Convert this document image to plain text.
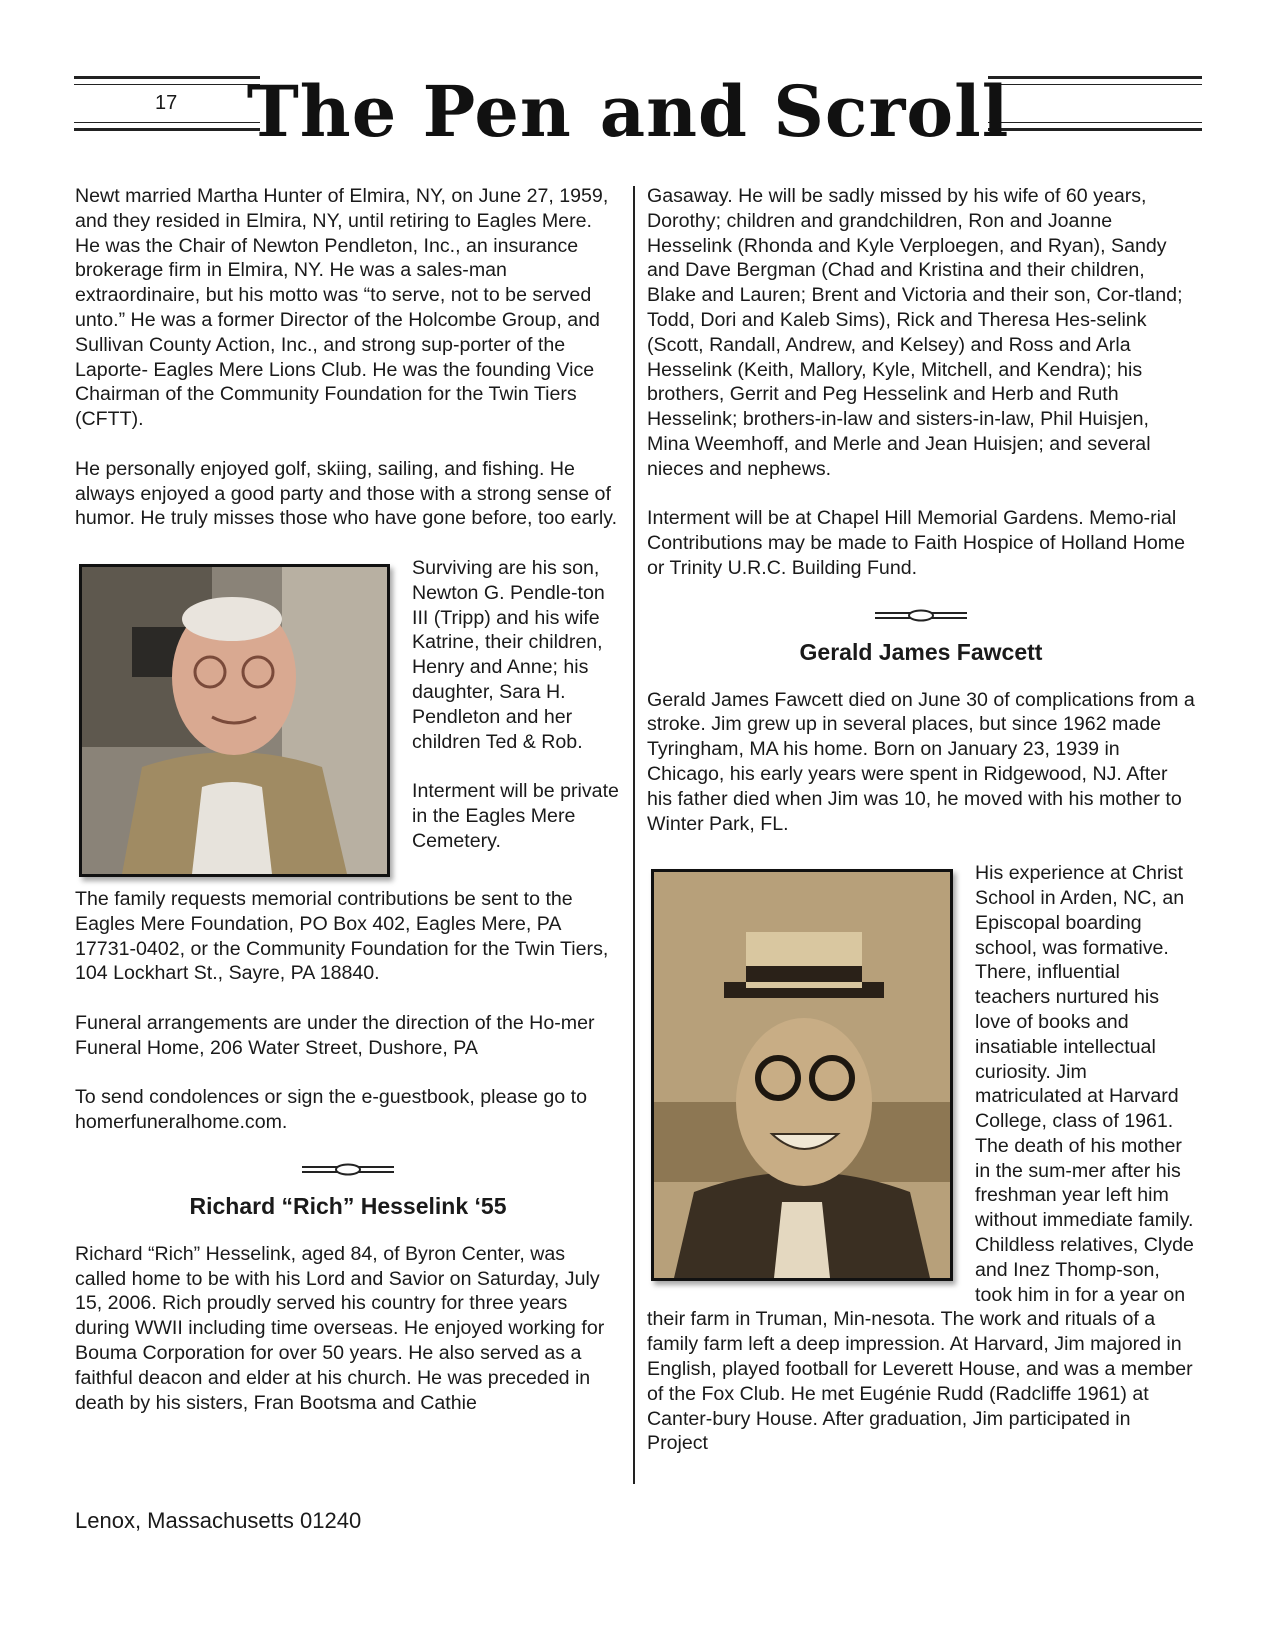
17 The Pen and Scroll

Newt married Martha Hunter of Elmira, NY, on June 27, 1959, and they resided in Elmira, NY, until retiring to Eagles Mere. He was the Chair of Newton Pendleton, Inc., an insurance brokerage firm in Elmira, NY. He was a sales-man extraordinaire, but his motto was “to serve, not to be served unto.” He was a former Director of the Holcombe Group, and Sullivan County Action, Inc., and strong sup-porter of the Laporte- Eagles Mere Lions Club. He was the founding Vice Chairman of the Community Foundation for the Twin Tiers (CFTT).

He personally enjoyed golf, skiing, sailing, and fishing. He always enjoyed a good party and those with a strong sense of humor. He truly misses those who have gone before, too early.

Surviving are his son, Newton G. Pendle-ton III (Tripp) and his wife Katrine, their children, Henry and Anne; his daughter, Sara H. Pendleton and her children Ted & Rob.

Interment will be private in the Eagles Mere Cemetery.

The family requests memorial contributions be sent to the Eagles Mere Foundation, PO Box 402, Eagles Mere, PA 17731-0402, or the Community Foundation for the Twin Tiers, 104 Lockhart St., Sayre, PA 18840.

Funeral arrangements are under the direction of the Ho-mer Funeral Home, 206 Water Street, Dushore, PA

To send condolences or sign the e-guestbook, please go to homerfuneralhome.com.

Richard “Rich” Hesselink ‘55

Richard “Rich” Hesselink, aged 84, of Byron Center, was called home to be with his Lord and Savior on Saturday, July 15, 2006. Rich proudly served his country for three years during WWII including time overseas. He enjoyed working for Bouma Corporation for over 50 years. He also served as a faithful deacon and elder at his church. He was preceded in death by his sisters, Fran Bootsma and Cathie

Gasaway. He will be sadly missed by his wife of 60 years, Dorothy; children and grandchildren, Ron and Joanne Hesselink (Rhonda and Kyle Verploegen, and Ryan), Sandy and Dave Bergman (Chad and Kristina and their children, Blake and Lauren; Brent and Victoria and their son, Cor-tland; Todd, Dori and Kaleb Sims), Rick and Theresa Hes-selink (Scott, Randall, Andrew, and Kelsey) and Ross and Arla Hesselink (Keith, Mallory, Kyle, Mitchell, and Kendra); his brothers, Gerrit and Peg Hesselink and Herb and Ruth Hesselink; brothers-in-law and sisters-in-law, Phil Huisjen, Mina Weemhoff, and Merle and Jean Huisjen; and several nieces and nephews.

Interment will be at Chapel Hill Memorial Gardens. Memo-rial Contributions may be made to Faith Hospice of Holland Home or Trinity U.R.C. Building Fund.

Gerald James Fawcett

Gerald James Fawcett died on June 30 of complications from a stroke. Jim grew up in several places, but since 1962 made Tyringham, MA his home. Born on January 23, 1939 in Chicago, his early years were spent in Ridgewood, NJ. After his father died when Jim was 10, he moved with his mother to Winter Park, FL.

His experience at Christ School in Arden, NC, an Episcopal boarding school, was formative. There, influential teachers nurtured his love of books and insatiable intellectual curiosity. Jim matriculated at Harvard College, class of 1961. The death of his mother in the sum-mer after his freshman year left him without immediate family. Childless relatives, Clyde and Inez Thomp-son, took him in for a year on their farm in Truman, Min-nesota. The work and rituals of a family farm left a deep impression. At Harvard, Jim majored in English, played football for Leverett House, and was a member of the Fox Club. He met Eugénie Rudd (Radcliffe 1961) at Canter-bury House. After graduation, Jim participated in Project

Lenox, Massachusetts 01240
